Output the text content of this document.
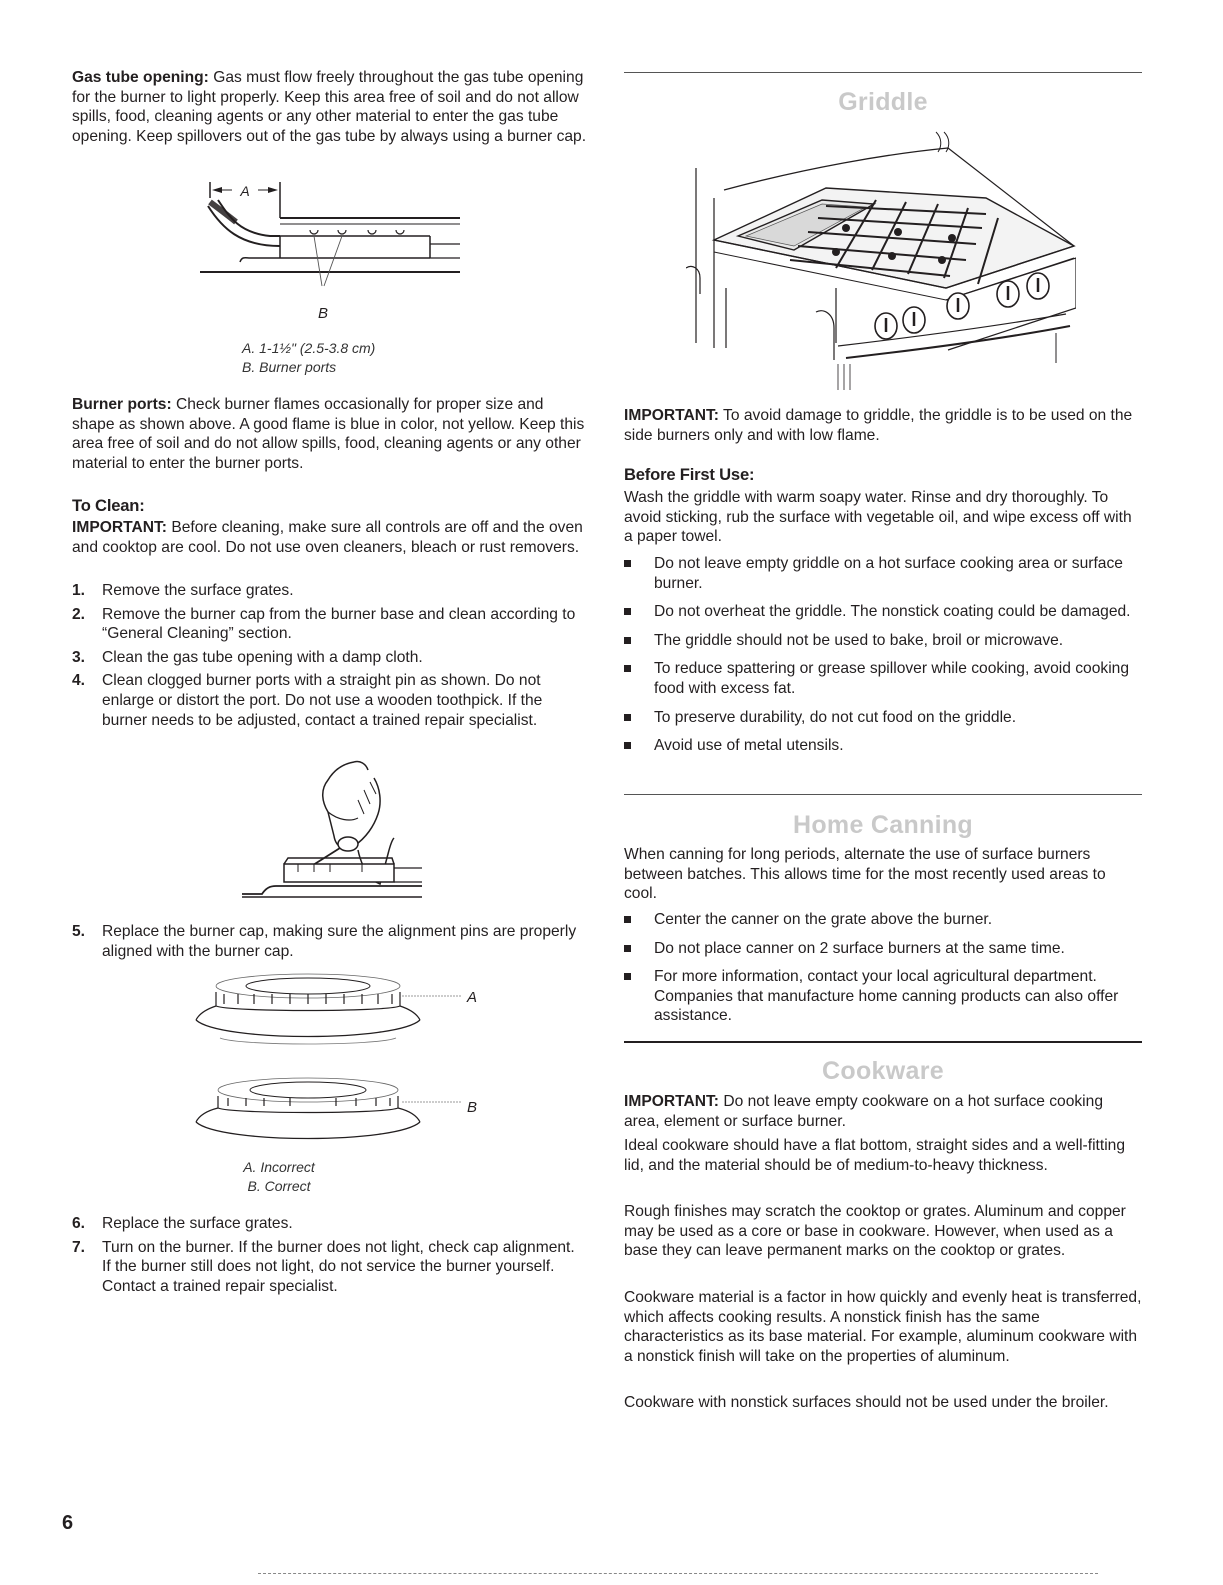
Gas tube opening: Gas must flow freely throughout the gas tube opening for the burner to light properly. Keep this area free of soil and do not allow spills, food, cleaning agents or any other material to enter the gas tube opening. Keep spillovers out of the gas tube by always using a burner cap.

A
B
A. 1-1½" (2.5-3.8 cm)
B. Burner ports

Burner ports: Check burner flames occasionally for proper size and shape as shown above. A good flame is blue in color, not yellow. Keep this area free of soil and do not allow spills, food, cleaning agents or any other material to enter the burner ports.

To Clean:

IMPORTANT: Before cleaning, make sure all controls are off and the oven and cooktop are cool. Do not use oven cleaners, bleach or rust removers.

1. Remove the surface grates.
2. Remove the burner cap from the burner base and clean according to “General Cleaning” section.
3. Clean the gas tube opening with a damp cloth.
4. Clean clogged burner ports with a straight pin as shown. Do not enlarge or distort the port. Do not use a wooden toothpick. If the burner needs to be adjusted, contact a trained repair specialist.
5. Replace the burner cap, making sure the alignment pins are properly aligned with the burner cap.
A
B
A. Incorrect
B. Correct
6. Replace the surface grates.
7. Turn on the burner. If the burner does not light, check cap alignment. If the burner still does not light, do not service the burner yourself. Contact a trained repair specialist.
Griddle

IMPORTANT: To avoid damage to griddle, the griddle is to be used on the side burners only and with low flame.

Before First Use:

Wash the griddle with warm soapy water. Rinse and dry thoroughly. To avoid sticking, rub the surface with vegetable oil, and wipe excess off with a paper towel.

Do not leave empty griddle on a hot surface cooking area or surface burner.
Do not overheat the griddle. The nonstick coating could be damaged.
The griddle should not be used to bake, broil or microwave.
To reduce spattering or grease spillover while cooking, avoid cooking food with excess fat.
To preserve durability, do not cut food on the griddle.
Avoid use of metal utensils.
Home Canning

When canning for long periods, alternate the use of surface burners between batches. This allows time for the most recently used areas to cool.

Center the canner on the grate above the burner.
Do not place canner on 2 surface burners at the same time.
For more information, contact your local agricultural department. Companies that manufacture home canning products can also offer assistance.
Cookware

IMPORTANT: Do not leave empty cookware on a hot surface cooking area, element or surface burner.

Ideal cookware should have a flat bottom, straight sides and a well-fitting lid, and the material should be of medium-to-heavy thickness.

Rough finishes may scratch the cooktop or grates. Aluminum and copper may be used as a core or base in cookware. However, when used as a base they can leave permanent marks on the cooktop or grates.

Cookware material is a factor in how quickly and evenly heat is transferred, which affects cooking results. A nonstick finish has the same characteristics as its base material. For example, aluminum cookware with a nonstick finish will take on the properties of aluminum.

Cookware with nonstick surfaces should not be used under the broiler.

6
